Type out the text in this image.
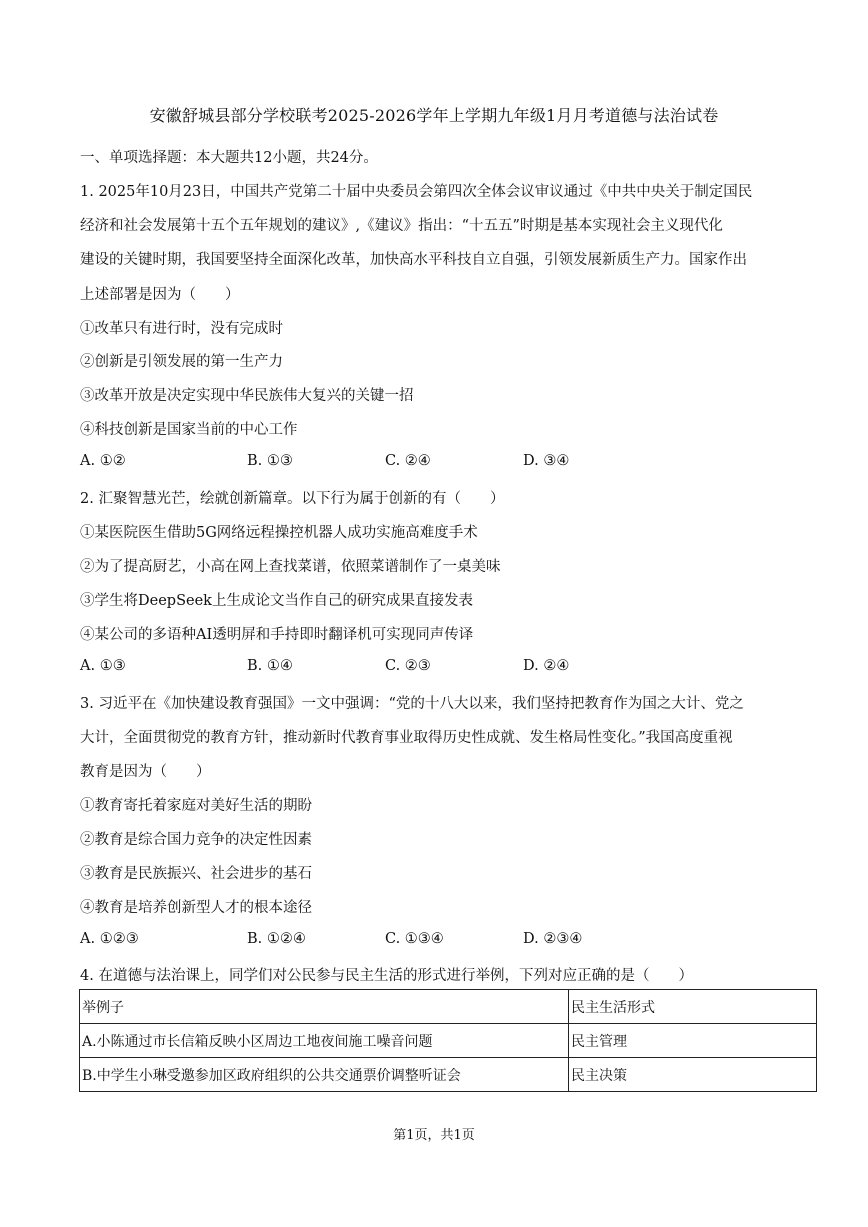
安徽舒城县部分学校联考2025-2026学年上学期九年级1月月考道德与法治试卷
一、单项选择题：本大题共12小题，共24分。
1. 2025年10月23日，中国共产党第二十届中央委员会第四次全体会议审议通过《中共中央关于制定国民
经济和社会发展第十五个五年规划的建议》,《建议》指出：“十五五”时期是基本实现社会主义现代化
建设的关键时期，我国要坚持全面深化改革，加快高水平科技自立自强，引领发展新质生产力。国家作出
上述部署是因为（　　）
①改革只有进行时，没有完成时
②创新是引领发展的第一生产力
③改革开放是决定实现中华民族伟大复兴的关键一招
④科技创新是国家当前的中心工作
A. ①②	B. ①③	C. ②④	D. ③④
2. 汇聚智慧光芒，绘就创新篇章。以下行为属于创新的有（　　）
①某医院医生借助5G网络远程操控机器人成功实施高难度手术
②为了提高厨艺，小高在网上查找菜谱，依照菜谱制作了一桌美味
③学生将DeepSeek上生成论文当作自己的研究成果直接发表
④某公司的多语种AI透明屏和手持即时翻译机可实现同声传译
A. ①③	B. ①④	C. ②③	D. ②④
3. 习近平在《加快建设教育强国》一文中强调：“党的十八大以来，我们坚持把教育作为国之大计、党之
大计，全面贯彻党的教育方针，推动新时代教育事业取得历史性成就、发生格局性变化。”我国高度重视
教育是因为（　　）
①教育寄托着家庭对美好生活的期盼
②教育是综合国力竞争的决定性因素
③教育是民族振兴、社会进步的基石
④教育是培养创新型人才的根本途径
A. ①②③	B. ①②④	C. ①③④	D. ②③④
4. 在道德与法治课上，同学们对公民参与民主生活的形式进行举例，下列对应正确的是（　　）
举例子	民主生活形式
A.小陈通过市长信箱反映小区周边工地夜间施工噪音问题	民主管理
B.中学生小琳受邀参加区政府组织的公共交通票价调整听证会	民主决策
第1页，共1页
